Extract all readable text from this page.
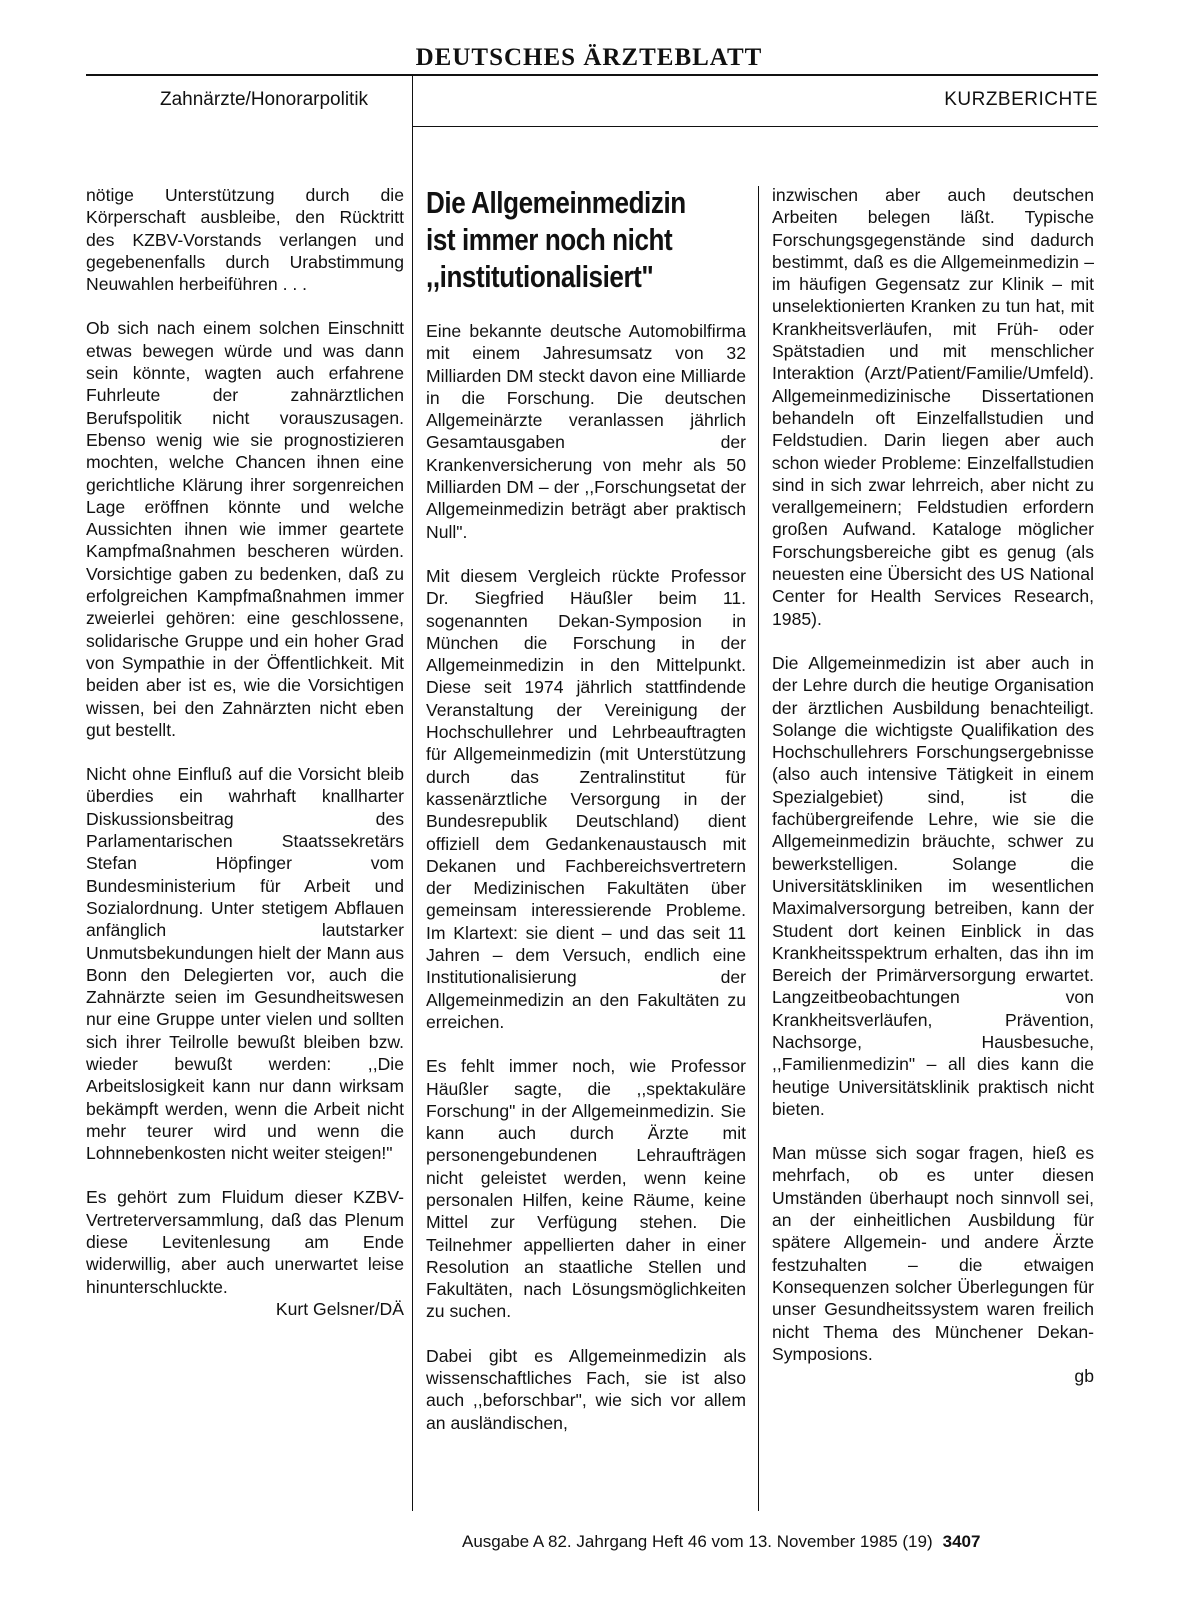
DEUTSCHES ÄRZTEBLATT
Zahnärzte/Honorarpolitik	KURZBERICHTE

nötige Unterstützung durch die Körperschaft ausbleibe, den Rücktritt des KZBV-Vorstands verlangen und gegebenenfalls durch Urabstimmung Neuwahlen herbeiführen . . .

Ob sich nach einem solchen Einschnitt etwas bewegen würde und was dann sein könnte, wagten auch erfahrene Fuhrleute der zahnärztlichen Berufspolitik nicht vorauszusagen. Ebenso wenig wie sie prognostizieren mochten, welche Chancen ihnen eine gerichtliche Klärung ihrer sorgenreichen Lage eröffnen könnte und welche Aussichten ihnen wie immer geartete Kampfmaßnahmen bescheren würden. Vorsichtige gaben zu bedenken, daß zu erfolgreichen Kampfmaßnahmen immer zweierlei gehören: eine geschlossene, solidarische Gruppe und ein hoher Grad von Sympathie in der Öffentlichkeit. Mit beiden aber ist es, wie die Vorsichtigen wissen, bei den Zahnärzten nicht eben gut bestellt.

Nicht ohne Einfluß auf die Vorsicht bleib überdies ein wahrhaft knallharter Diskussionsbeitrag des Parlamentarischen Staatssekretärs Stefan Höpfinger vom Bundesministerium für Arbeit und Sozialordnung. Unter stetigem Abflauen anfänglich lautstarker Unmutsbekundungen hielt der Mann aus Bonn den Delegierten vor, auch die Zahnärzte seien im Gesundheitswesen nur eine Gruppe unter vielen und sollten sich ihrer Teilrolle bewußt bleiben bzw. wieder bewußt werden: ,,Die Arbeitslosigkeit kann nur dann wirksam bekämpft werden, wenn die Arbeit nicht mehr teurer wird und wenn die Lohnnebenkosten nicht weiter steigen!"

Es gehört zum Fluidum dieser KZBV-Vertreterversammlung, daß das Plenum diese Levitenlesung am Ende widerwillig, aber auch unerwartet leise hinunterschluckte.
Kurt Gelsner/DÄ

Die Allgemeinmedizin ist immer noch nicht ,,institutionalisiert"

Eine bekannte deutsche Automobilfirma mit einem Jahresumsatz von 32 Milliarden DM steckt davon eine Milliarde in die Forschung. Die deutschen Allgemeinärzte veranlassen jährlich Gesamtausgaben der Krankenversicherung von mehr als 50 Milliarden DM – der ,,Forschungsetat der Allgemeinmedizin beträgt aber praktisch Null".

Mit diesem Vergleich rückte Professor Dr. Siegfried Häußler beim 11. sogenannten Dekan-Symposion in München die Forschung in der Allgemeinmedizin in den Mittelpunkt. Diese seit 1974 jährlich stattfindende Veranstaltung der Vereinigung der Hochschullehrer und Lehrbeauftragten für Allgemeinmedizin (mit Unterstützung durch das Zentralinstitut für kassenärztliche Versorgung in der Bundesrepublik Deutschland) dient offiziell dem Gedankenaustausch mit Dekanen und Fachbereichsvertretern der Medizinischen Fakultäten über gemeinsam interessierende Probleme. Im Klartext: sie dient – und das seit 11 Jahren – dem Versuch, endlich eine Institutionalisierung der Allgemeinmedizin an den Fakultäten zu erreichen.

Es fehlt immer noch, wie Professor Häußler sagte, die ,,spektakuläre Forschung" in der Allgemeinmedizin. Sie kann auch durch Ärzte mit personengebundenen Lehraufträgen nicht geleistet werden, wenn keine personalen Hilfen, keine Räume, keine Mittel zur Verfügung stehen. Die Teilnehmer appellierten daher in einer Resolution an staatliche Stellen und Fakultäten, nach Lösungsmöglichkeiten zu suchen.

Dabei gibt es Allgemeinmedizin als wissenschaftliches Fach, sie ist also auch ,,beforschbar", wie sich vor allem an ausländischen,

inzwischen aber auch deutschen Arbeiten belegen läßt. Typische Forschungsgegenstände sind dadurch bestimmt, daß es die Allgemeinmedizin – im häufigen Gegensatz zur Klinik – mit unselektionierten Kranken zu tun hat, mit Krankheitsverläufen, mit Früh- oder Spätstadien und mit menschlicher Interaktion (Arzt/Patient/Familie/Umfeld). Allgemeinmedizinische Dissertationen behandeln oft Einzelfallstudien und Feldstudien. Darin liegen aber auch schon wieder Probleme: Einzelfallstudien sind in sich zwar lehrreich, aber nicht zu verallgemeinern; Feldstudien erfordern großen Aufwand. Kataloge möglicher Forschungsbereiche gibt es genug (als neuesten eine Übersicht des US National Center for Health Services Research, 1985).

Die Allgemeinmedizin ist aber auch in der Lehre durch die heutige Organisation der ärztlichen Ausbildung benachteiligt. Solange die wichtigste Qualifikation des Hochschullehrers Forschungsergebnisse (also auch intensive Tätigkeit in einem Spezialgebiet) sind, ist die fachübergreifende Lehre, wie sie die Allgemeinmedizin bräuchte, schwer zu bewerkstelligen. Solange die Universitätskliniken im wesentlichen Maximalversorgung betreiben, kann der Student dort keinen Einblick in das Krankheitsspektrum erhalten, das ihn im Bereich der Primärversorgung erwartet. Langzeitbeobachtungen von Krankheitsverläufen, Prävention, Nachsorge, Hausbesuche, ,,Familienmedizin" – all dies kann die heutige Universitätsklinik praktisch nicht bieten.

Man müsse sich sogar fragen, hieß es mehrfach, ob es unter diesen Umständen überhaupt noch sinnvoll sei, an der einheitlichen Ausbildung für spätere Allgemein- und andere Ärzte festzuhalten – die etwaigen Konsequenzen solcher Überlegungen für unser Gesundheitssystem waren freilich nicht Thema des Münchener Dekan-Symposions.
gb

Ausgabe A 82. Jahrgang Heft 46 vom 13. November 1985 (19) 3407
